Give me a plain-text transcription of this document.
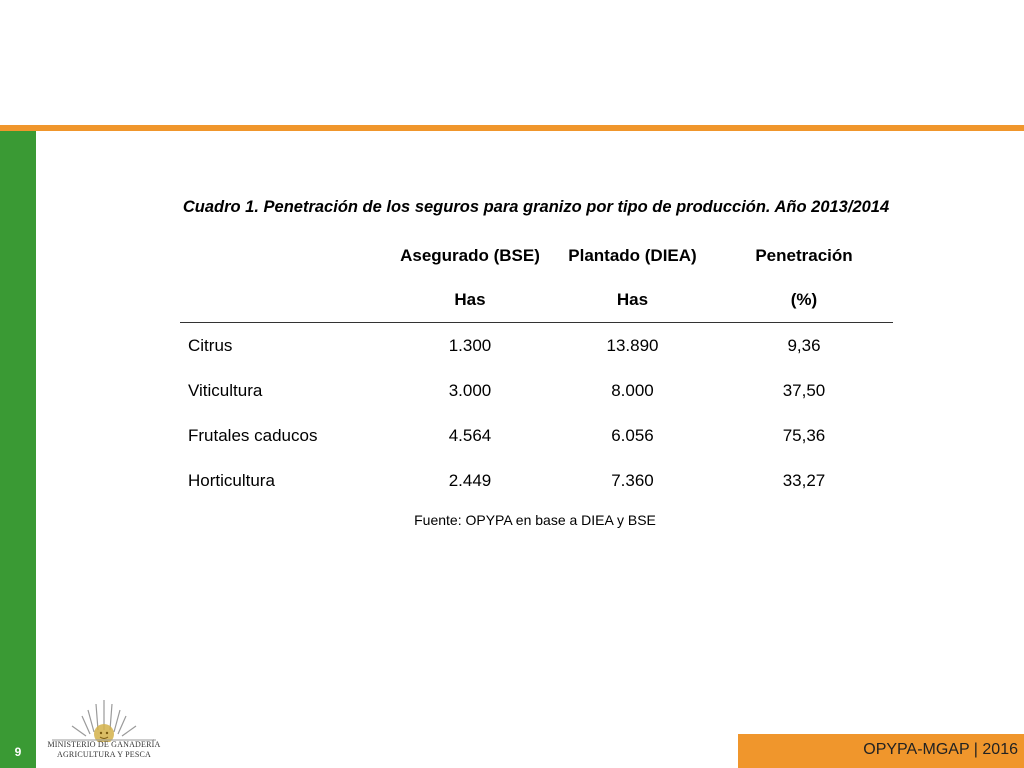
9
Cuadro 1. Penetración de los seguros para granizo por tipo de producción. Año 2013/2014
	Asegurado (BSE)	Plantado (DIEA)	Penetración
	Has	Has	(%)
Citrus	1.300	13.890	9,36
Viticultura	3.000	8.000	37,50
Frutales caducos	4.564	6.056	75,36
Horticultura	2.449	7.360	33,27
Fuente: OPYPA en base a DIEA y BSE
MINISTERIO DE GANADERÍA
AGRICULTURA Y PESCA	OPYPA-MGAP | 2016
